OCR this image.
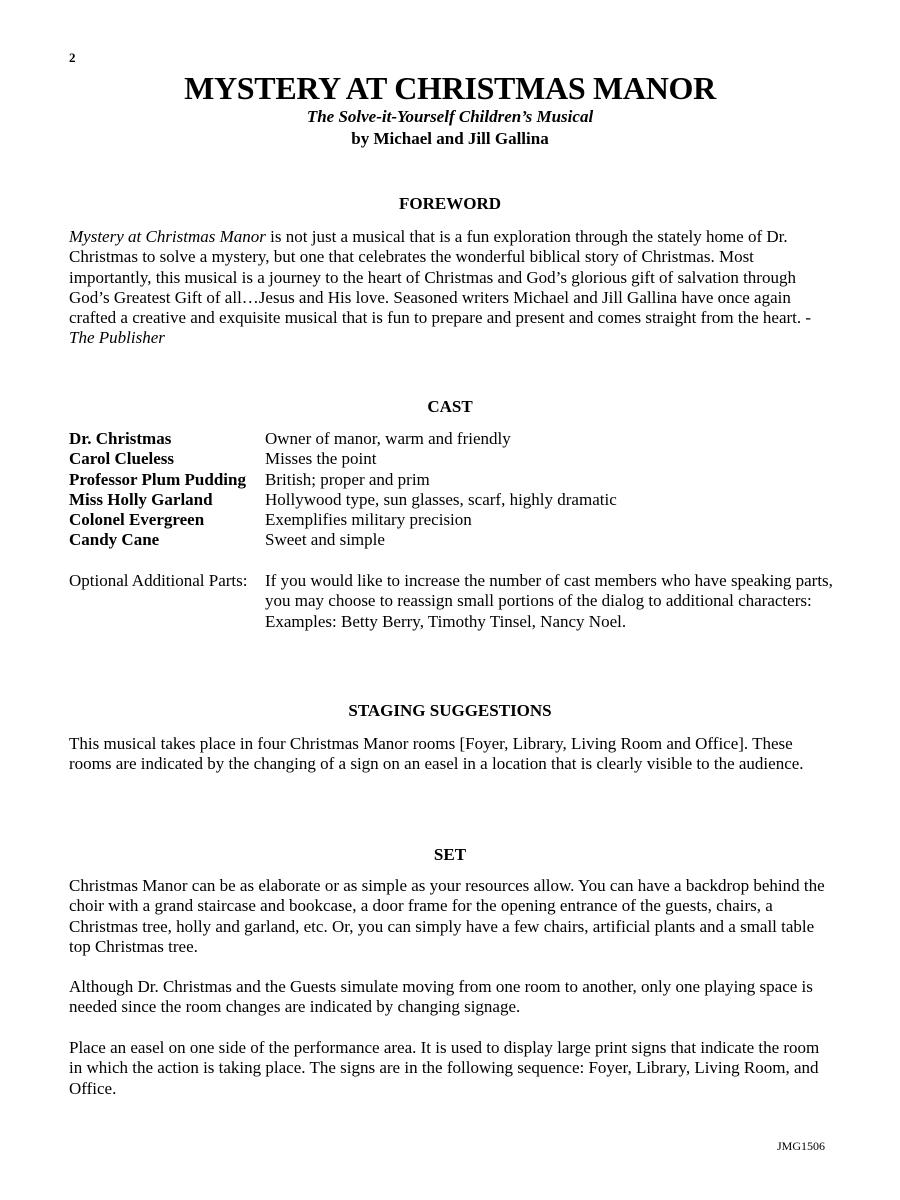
2
MYSTERY AT CHRISTMAS MANOR
The Solve-it-Yourself Children’s Musical
by Michael and Jill Gallina
FOREWORD
Mystery at Christmas Manor is not just a musical that is a fun exploration through the stately home of Dr. Christmas to solve a mystery, but one that celebrates the wonderful biblical story of Christmas. Most importantly, this musical is a journey to the heart of Christmas and God’s glorious gift of salvation through God’s Greatest Gift of all…Jesus and His love. Seasoned writers Michael and Jill Gallina have once again crafted a creative and exquisite musical that is fun to prepare and present and comes straight from the heart. -The Publisher
CAST
Dr. Christmas	Owner of manor, warm and friendly
Carol Clueless	Misses the point
Professor Plum Pudding	British; proper and prim
Miss Holly Garland	Hollywood type, sun glasses, scarf, highly dramatic
Colonel Evergreen	Exemplifies military precision
Candy Cane	Sweet and simple
Optional Additional Parts:	If you would like to increase the number of cast members who have speaking parts, you may choose to reassign small portions of the dialog to additional characters: Examples: Betty Berry, Timothy Tinsel, Nancy Noel.
STAGING SUGGESTIONS
This musical takes place in four Christmas Manor rooms [Foyer, Library, Living Room and Office]. These rooms are indicated by the changing of a sign on an easel in a location that is clearly visible to the audience.
SET
Christmas Manor can be as elaborate or as simple as your resources allow. You can have a backdrop behind the choir with a grand staircase and bookcase, a door frame for the opening entrance of the guests, chairs, a Christmas tree, holly and garland, etc. Or, you can simply have a few chairs, artificial plants and a small table top Christmas tree.
Although Dr. Christmas and the Guests simulate moving from one room to another, only one playing space is needed since the room changes are indicated by changing signage.
Place an easel on one side of the performance area. It is used to display large print signs that indicate the room in which the action is taking place. The signs are in the following sequence: Foyer, Library, Living Room, and Office.
JMG1506
